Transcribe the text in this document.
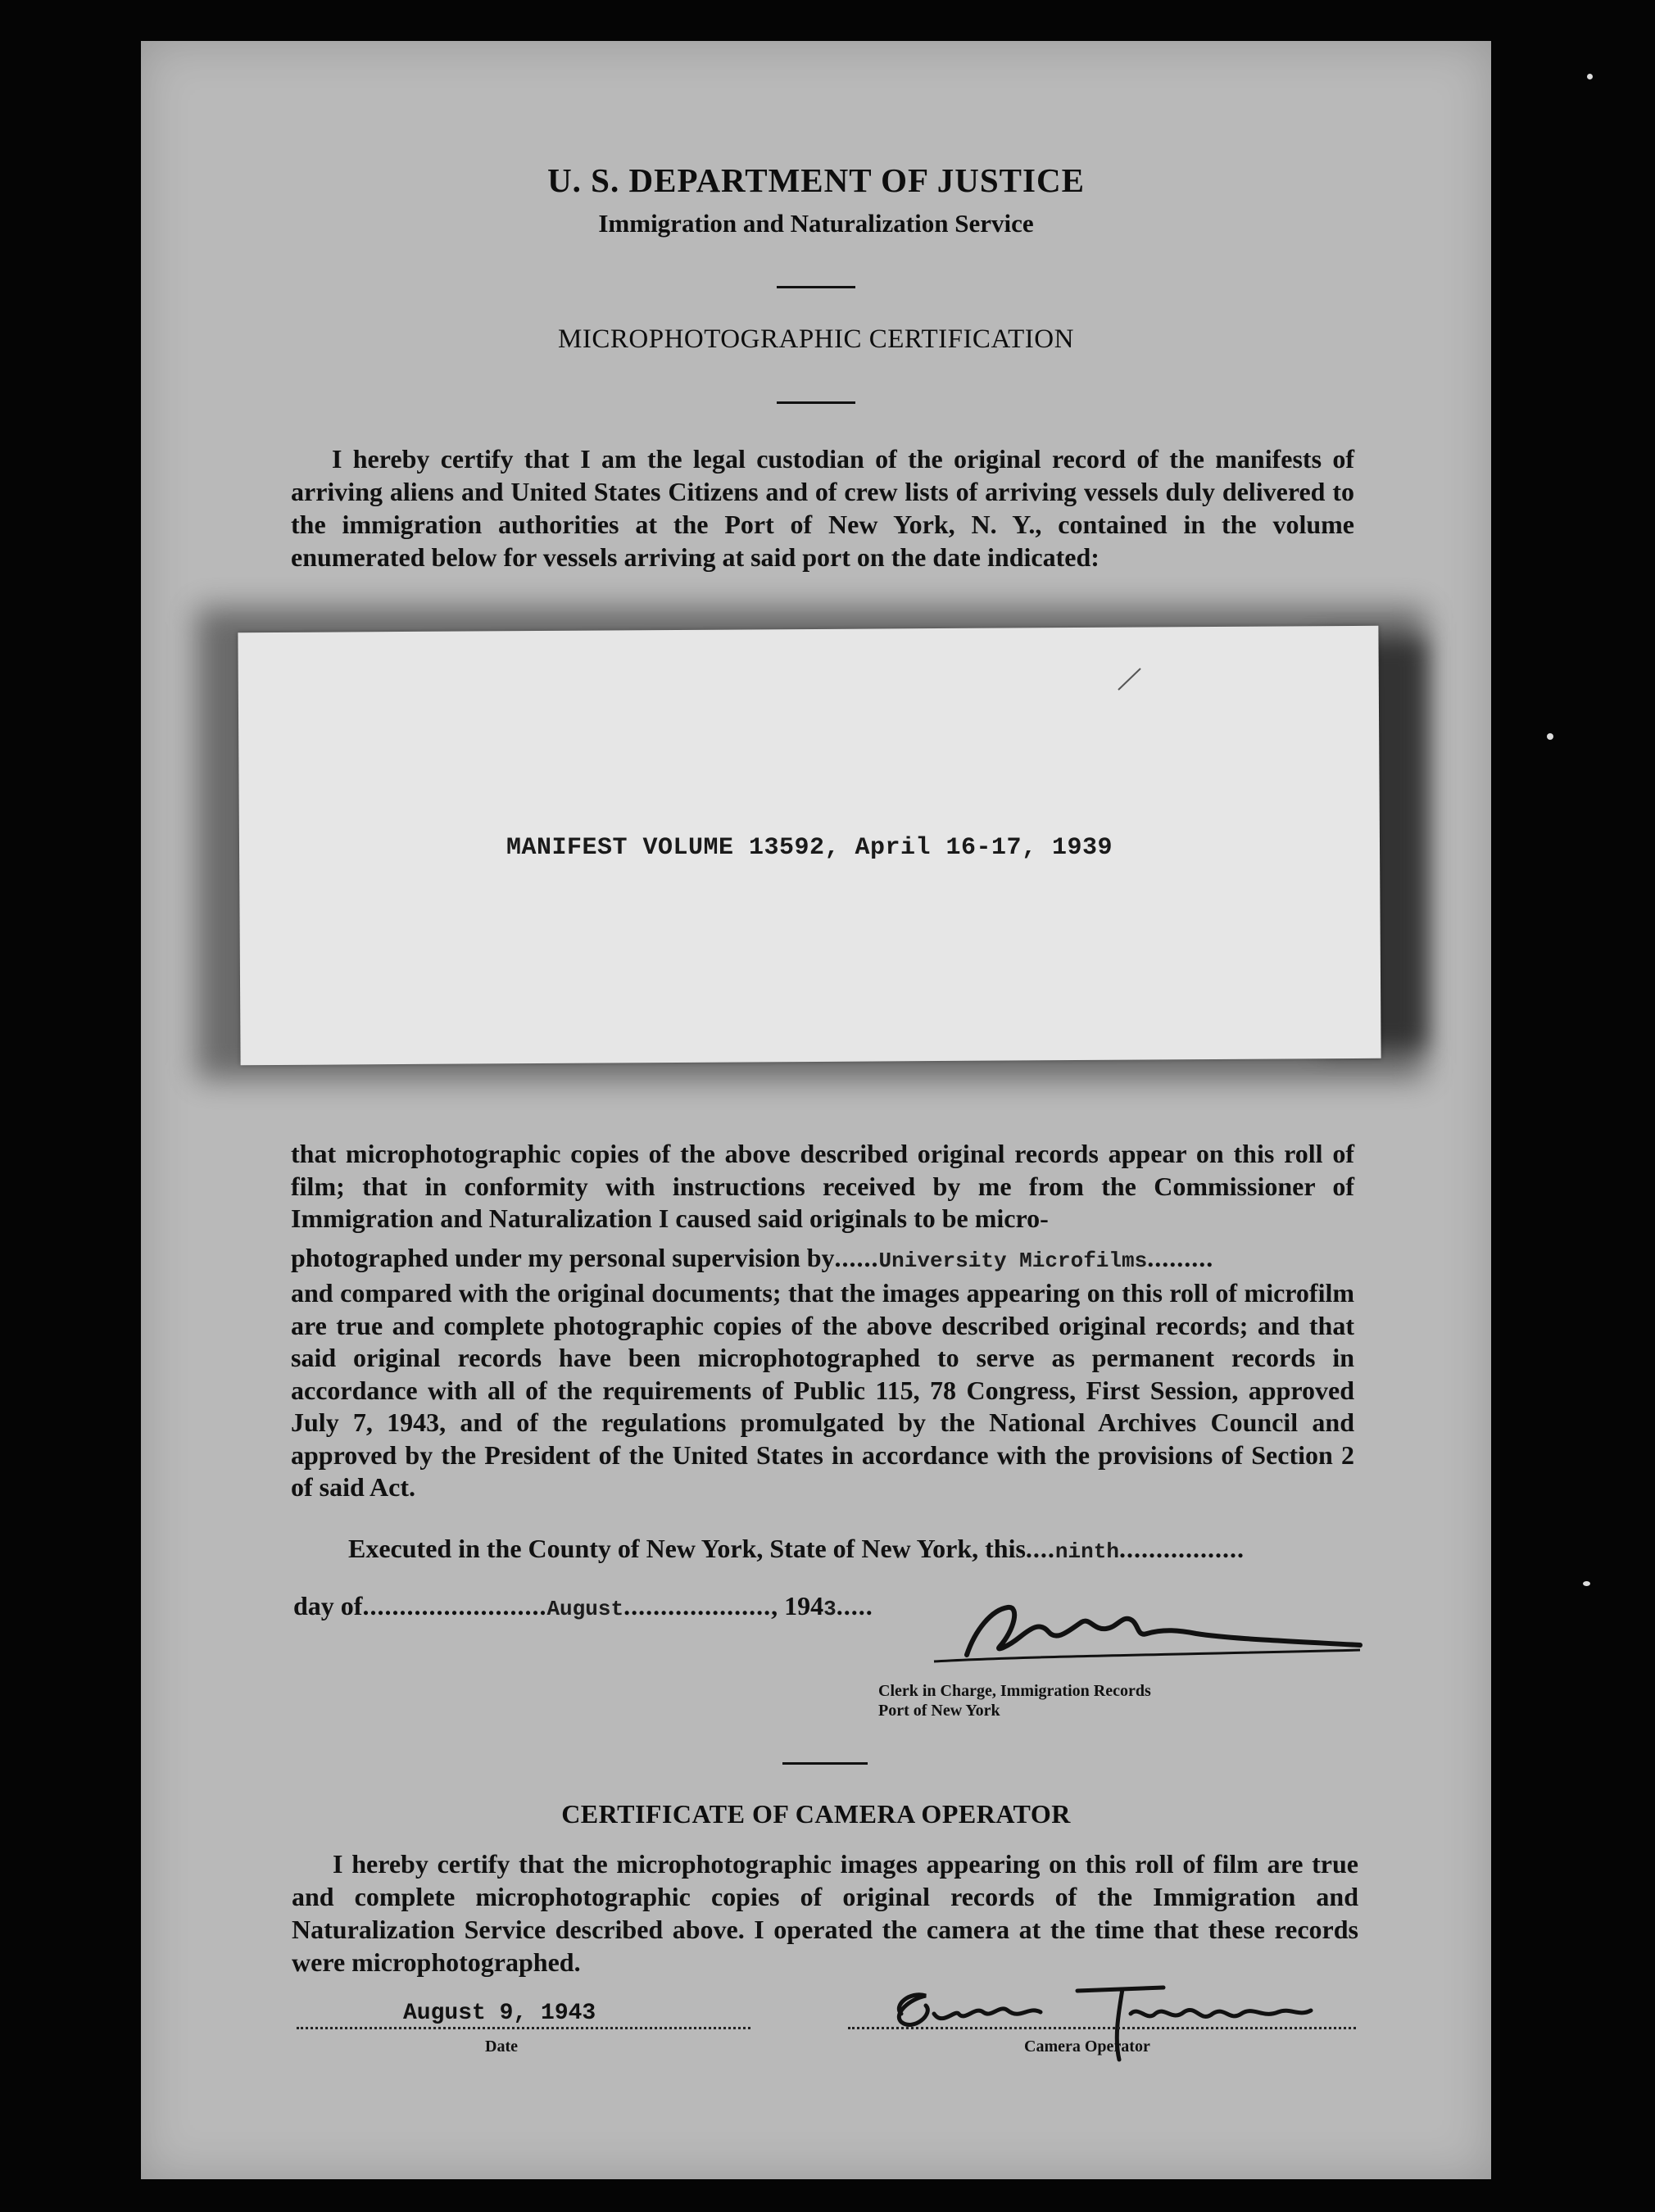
U. S. DEPARTMENT OF JUSTICE
Immigration and Naturalization Service
MICROPHOTOGRAPHIC CERTIFICATION

I hereby certify that I am the legal custodian of the original record of the manifests of arriving aliens and United States Citizens and of crew lists of arriving vessels duly delivered to the immigration authorities at the Port of New York, N. Y., contained in the volume enumerated below for vessels arriving at said port on the date indicated:

MANIFEST VOLUME 13592, April 16-17, 1939

that microphotographic copies of the above described original records appear on this roll of film; that in conformity with instructions received by me from the Commissioner of Immigration and Naturalization I caused said originals to be micro-

photographed under my personal supervision by......University Microfilms.........

and compared with the original documents; that the images appearing on this roll of microfilm are true and complete photographic copies of the above described original records; and that said original records have been microphotographed to serve as permanent records in accordance with all of the requirements of Public 115, 78 Congress, First Session, approved July 7, 1943, and of the regulations promulgated by the National Archives Council and approved by the President of the United States in accordance with the provisions of Section 2 of said Act.

Executed in the County of New York, State of New York, this....ninth.................
day of.........................August...................., 1943.....
Clerk in Charge, Immigration Records
Port of New York
CERTIFICATE OF CAMERA OPERATOR

I hereby certify that the microphotographic images appearing on this roll of film are true and complete microphotographic copies of original records of the Immigration and Naturalization Service described above. I operated the camera at the time that these records were microphotographed.

August 9, 1943
Date	Camera Operator
